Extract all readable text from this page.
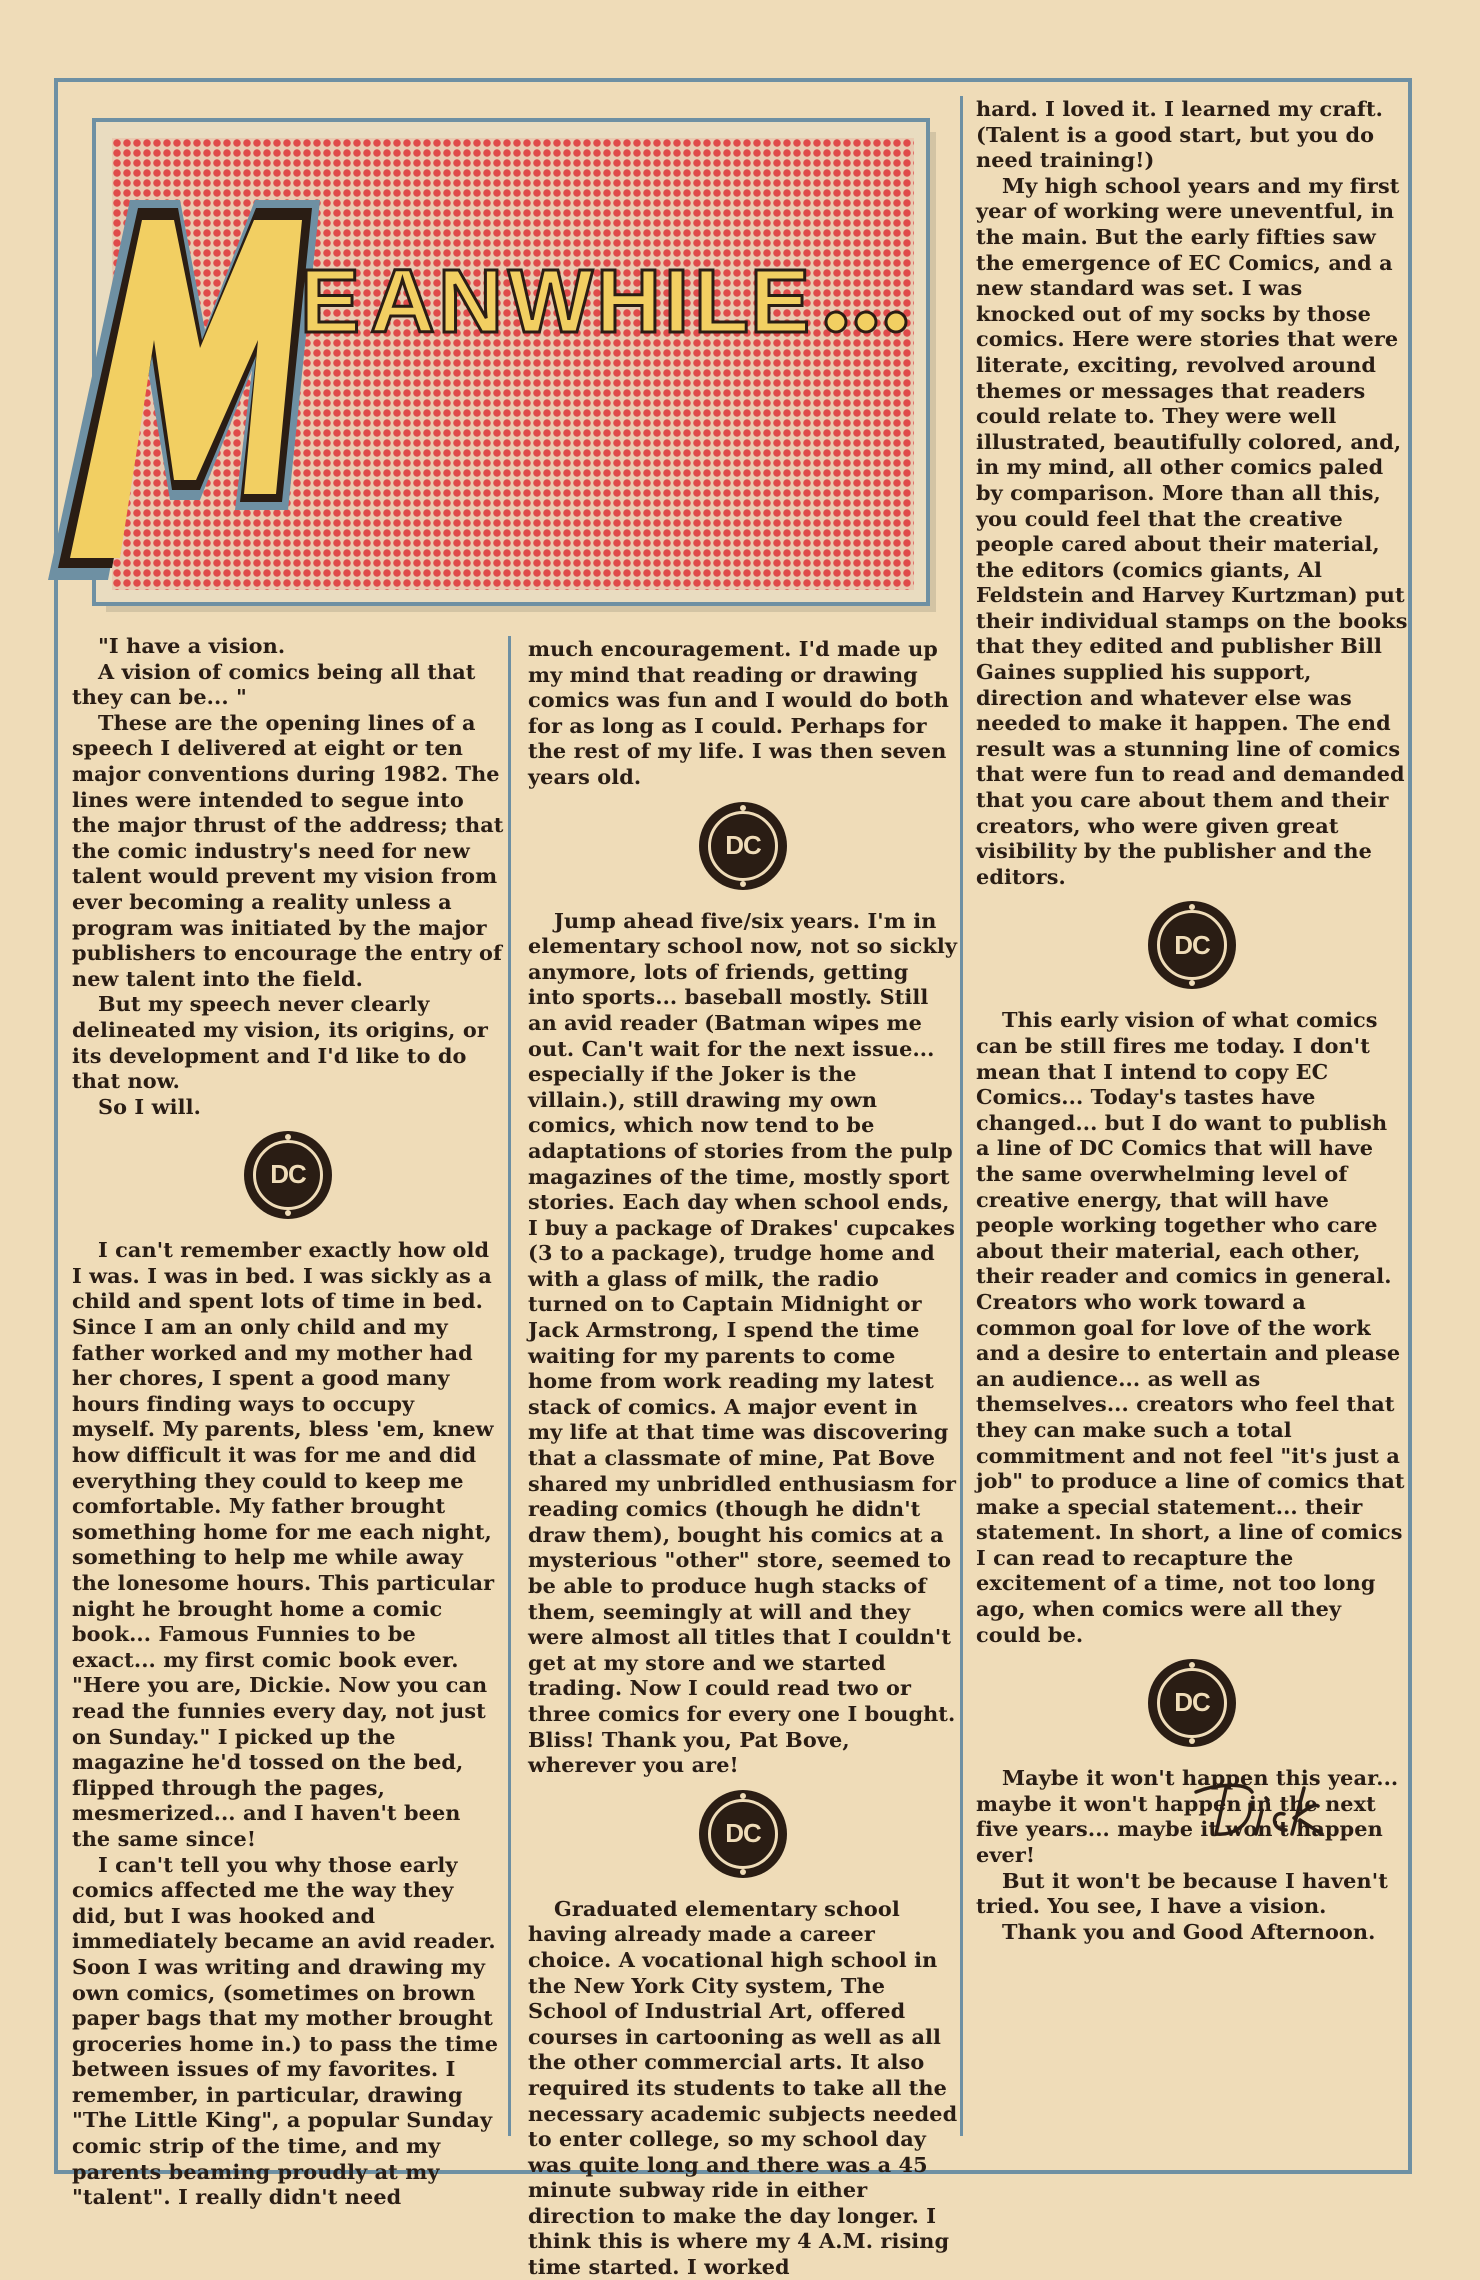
E A N W H I L E

"I have a vision.

A vision of comics being all that they can be... "

These are the opening lines of a speech I delivered at eight or ten major conventions during 1982. The lines were intended to segue into the major thrust of the address; that the comic industry's need for new talent would prevent my vision from ever becoming a reality unless a program was initiated by the major publishers to encourage the entry of new talent into the field.

But my speech never clearly delineated my vision, its origins, or its development and I'd like to do that now.

So I will.

DC

I can't remember exactly how old I was. I was in bed. I was sickly as a child and spent lots of time in bed. Since I am an only child and my father worked and my mother had her chores, I spent a good many hours finding ways to occupy myself. My parents, bless 'em, knew how difficult it was for me and did everything they could to keep me comfortable. My father brought something home for me each night, something to help me while away the lonesome hours. This particular night he brought home a comic book... Famous Funnies to be exact... my first comic book ever. "Here you are, Dickie. Now you can read the funnies every day, not just on Sunday." I picked up the magazine he'd tossed on the bed, flipped through the pages, mesmerized... and I haven't been the same since!

I can't tell you why those early comics affected me the way they did, but I was hooked and immediately became an avid reader. Soon I was writing and drawing my own comics, (sometimes on brown paper bags that my mother brought groceries home in.) to pass the time between issues of my favorites. I remember, in particular, drawing "The Little King", a popular Sunday comic strip of the time, and my parents beaming proudly at my "talent". I really didn't need

much encouragement. I'd made up my mind that reading or drawing comics was fun and I would do both for as long as I could. Perhaps for the rest of my life. I was then seven years old.

DC

Jump ahead five/six years. I'm in elementary school now, not so sickly anymore, lots of friends, getting into sports... baseball mostly. Still an avid reader (Batman wipes me out. Can't wait for the next issue... especially if the Joker is the villain.), still drawing my own comics, which now tend to be adaptations of stories from the pulp magazines of the time, mostly sport stories. Each day when school ends, I buy a package of Drakes' cupcakes (3 to a package), trudge home and with a glass of milk, the radio turned on to Captain Midnight or Jack Armstrong, I spend the time waiting for my parents to come home from work reading my latest stack of comics. A major event in my life at that time was discovering that a classmate of mine, Pat Bove shared my unbridled enthusiasm for reading comics (though he didn't draw them), bought his comics at a mysterious "other" store, seemed to be able to produce hugh stacks of them, seemingly at will and they were almost all titles that I couldn't get at my store and we started trading. Now I could read two or three comics for every one I bought. Bliss! Thank you, Pat Bove, wherever you are!

DC

Graduated elementary school having already made a career choice. A vocational high school in the New York City system, The School of Industrial Art, offered courses in cartooning as well as all the other commercial arts. It also required its students to take all the necessary academic subjects needed to enter college, so my school day was quite long and there was a 45 minute subway ride in either direction to make the day longer. I think this is where my 4 A.M. rising time started. I worked

hard. I loved it. I learned my craft. (Talent is a good start, but you do need training!)

My high school years and my first year of working were uneventful, in the main. But the early fifties saw the emergence of EC Comics, and a new standard was set. I was knocked out of my socks by those comics. Here were stories that were literate, exciting, revolved around themes or messages that readers could relate to. They were well illustrated, beautifully colored, and, in my mind, all other comics paled by comparison. More than all this, you could feel that the creative people cared about their material, the editors (comics giants, Al Feldstein and Harvey Kurtzman) put their individual stamps on the books that they edited and publisher Bill Gaines supplied his support, direction and whatever else was needed to make it happen. The end result was a stunning line of comics that were fun to read and demanded that you care about them and their creators, who were given great visibility by the publisher and the editors.

DC

This early vision of what comics can be still fires me today. I don't mean that I intend to copy EC Comics... Today's tastes have changed... but I do want to publish a line of DC Comics that will have the same overwhelming level of creative energy, that will have people working together who care about their material, each other, their reader and comics in general. Creators who work toward a common goal for love of the work and a desire to entertain and please an audience... as well as themselves... creators who feel that they can make such a total commitment and not feel "it's just a job" to produce a line of comics that make a special statement... their statement. In short, a line of comics I can read to recapture the excitement of a time, not too long ago, when comics were all they could be.

DC

Maybe it won't happen this year... maybe it won't happen in the next five years... maybe it won't happen ever!

But it won't be because I haven't tried. You see, I have a vision.

Thank you and Good Afternoon.
